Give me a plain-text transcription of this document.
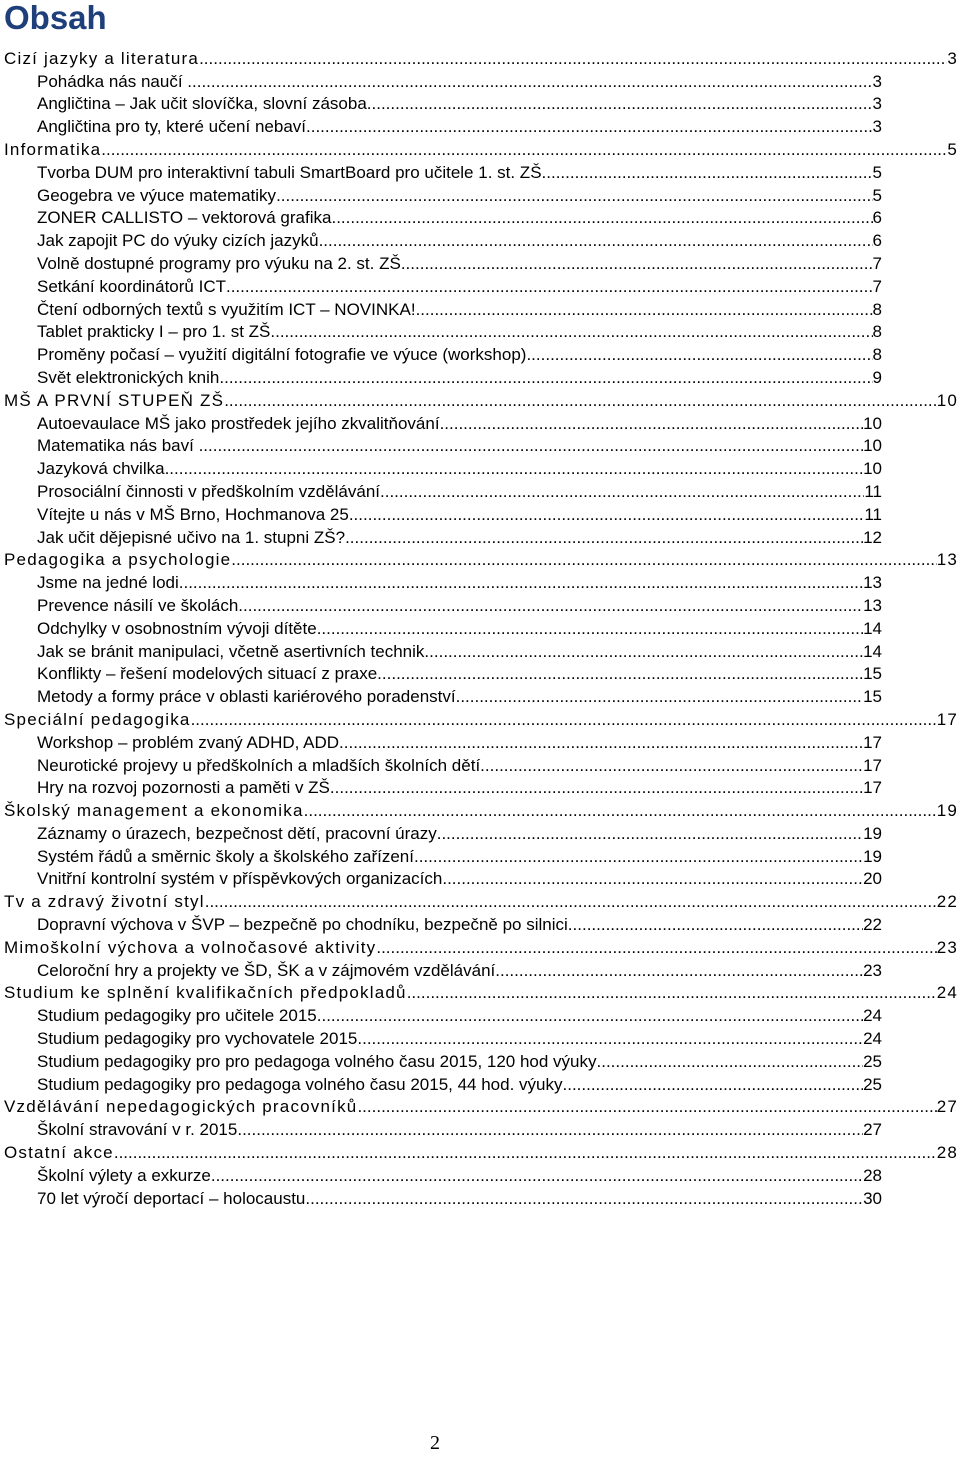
Obsah
Cizí jazyky a literatura .....	3
Pohádka nás naučí ... .....	3
Angličtina – Jak učit slovíčka, slovní zásoba .....	3
Angličtina pro ty, které učení nebaví .....	3
Informatika .....	5
Tvorba DUM pro interaktivní tabuli SmartBoard pro učitele 1. st. ZŠ .....	5
Geogebra ve výuce matematiky .....	5
ZONER CALLISTO – vektorová grafika .....	6
Jak zapojit PC do výuky cizích jazyků .....	6
Volně dostupné programy pro výuku na 2. st. ZŠ .....	7
Setkání koordinátorů ICT .....	7
Čtení odborných textů s využitím ICT – NOVINKA! .....	8
Tablet prakticky I – pro 1. st ZŠ .....	8
Proměny počasí – využití digitální fotografie ve výuce (workshop) .....	8
Svět elektronických knih .....	9
MŠ A PRVNÍ STUPEŇ ZŠ .....	10
Autoevaulace MŠ jako prostředek jejího zkvalitňování .....	10
Matematika nás baví ... .....	10
Jazyková chvilka .....	10
Prosociální činnosti v předškolním vzdělávání .....	11
Vítejte u nás v MŠ Brno, Hochmanova 25 .....	11
Jak učit dějepisné učivo na 1. stupni ZŠ? .....	12
Pedagogika a psychologie .....	13
Jsme na jedné lodi .....	13
Prevence násilí ve školách .....	13
Odchylky v osobnostním vývoji dítěte .....	14
Jak se bránit manipulaci, včetně asertivních technik .....	14
Konflikty – řešení modelových situací z praxe .....	15
Metody a formy práce v oblasti kariérového poradenství .....	15
Speciální pedagogika .....	17
Workshop – problém zvaný ADHD, ADD .....	17
Neurotické projevy u předškolních a mladších školních dětí .....	17
Hry na rozvoj pozornosti a paměti v ZŠ .....	17
Školský management a ekonomika .....	19
Záznamy o úrazech, bezpečnost dětí, pracovní úrazy .....	19
Systém řádů a směrnic školy a školského zařízení .....	19
Vnitřní kontrolní systém v příspěvkových organizacích .....	20
Tv a zdravý životní styl .....	22
Dopravní výchova v ŠVP – bezpečně po chodníku, bezpečně po silnici .....	22
Mimoškolní výchova a volnočasové aktivity .....	23
Celoroční hry a projekty ve ŠD, ŠK a v zájmovém vzdělávání .....	23
Studium ke splnění kvalifikačních předpokladů .....	24
Studium pedagogiky pro učitele 2015 .....	24
Studium pedagogiky pro vychovatele 2015 .....	24
Studium pedagogiky pro pro pedagoga volného času 2015, 120 hod výuky .....	25
Studium pedagogiky pro pedagoga volného času 2015, 44 hod. výuky .....	25
Vzdělávání nepedagogických pracovníků .....	27
Školní stravování v r. 2015 .....	27
Ostatní akce .....	28
Školní výlety a exkurze .....	28
70 let výročí deportací – holocaustu .....	30
2
